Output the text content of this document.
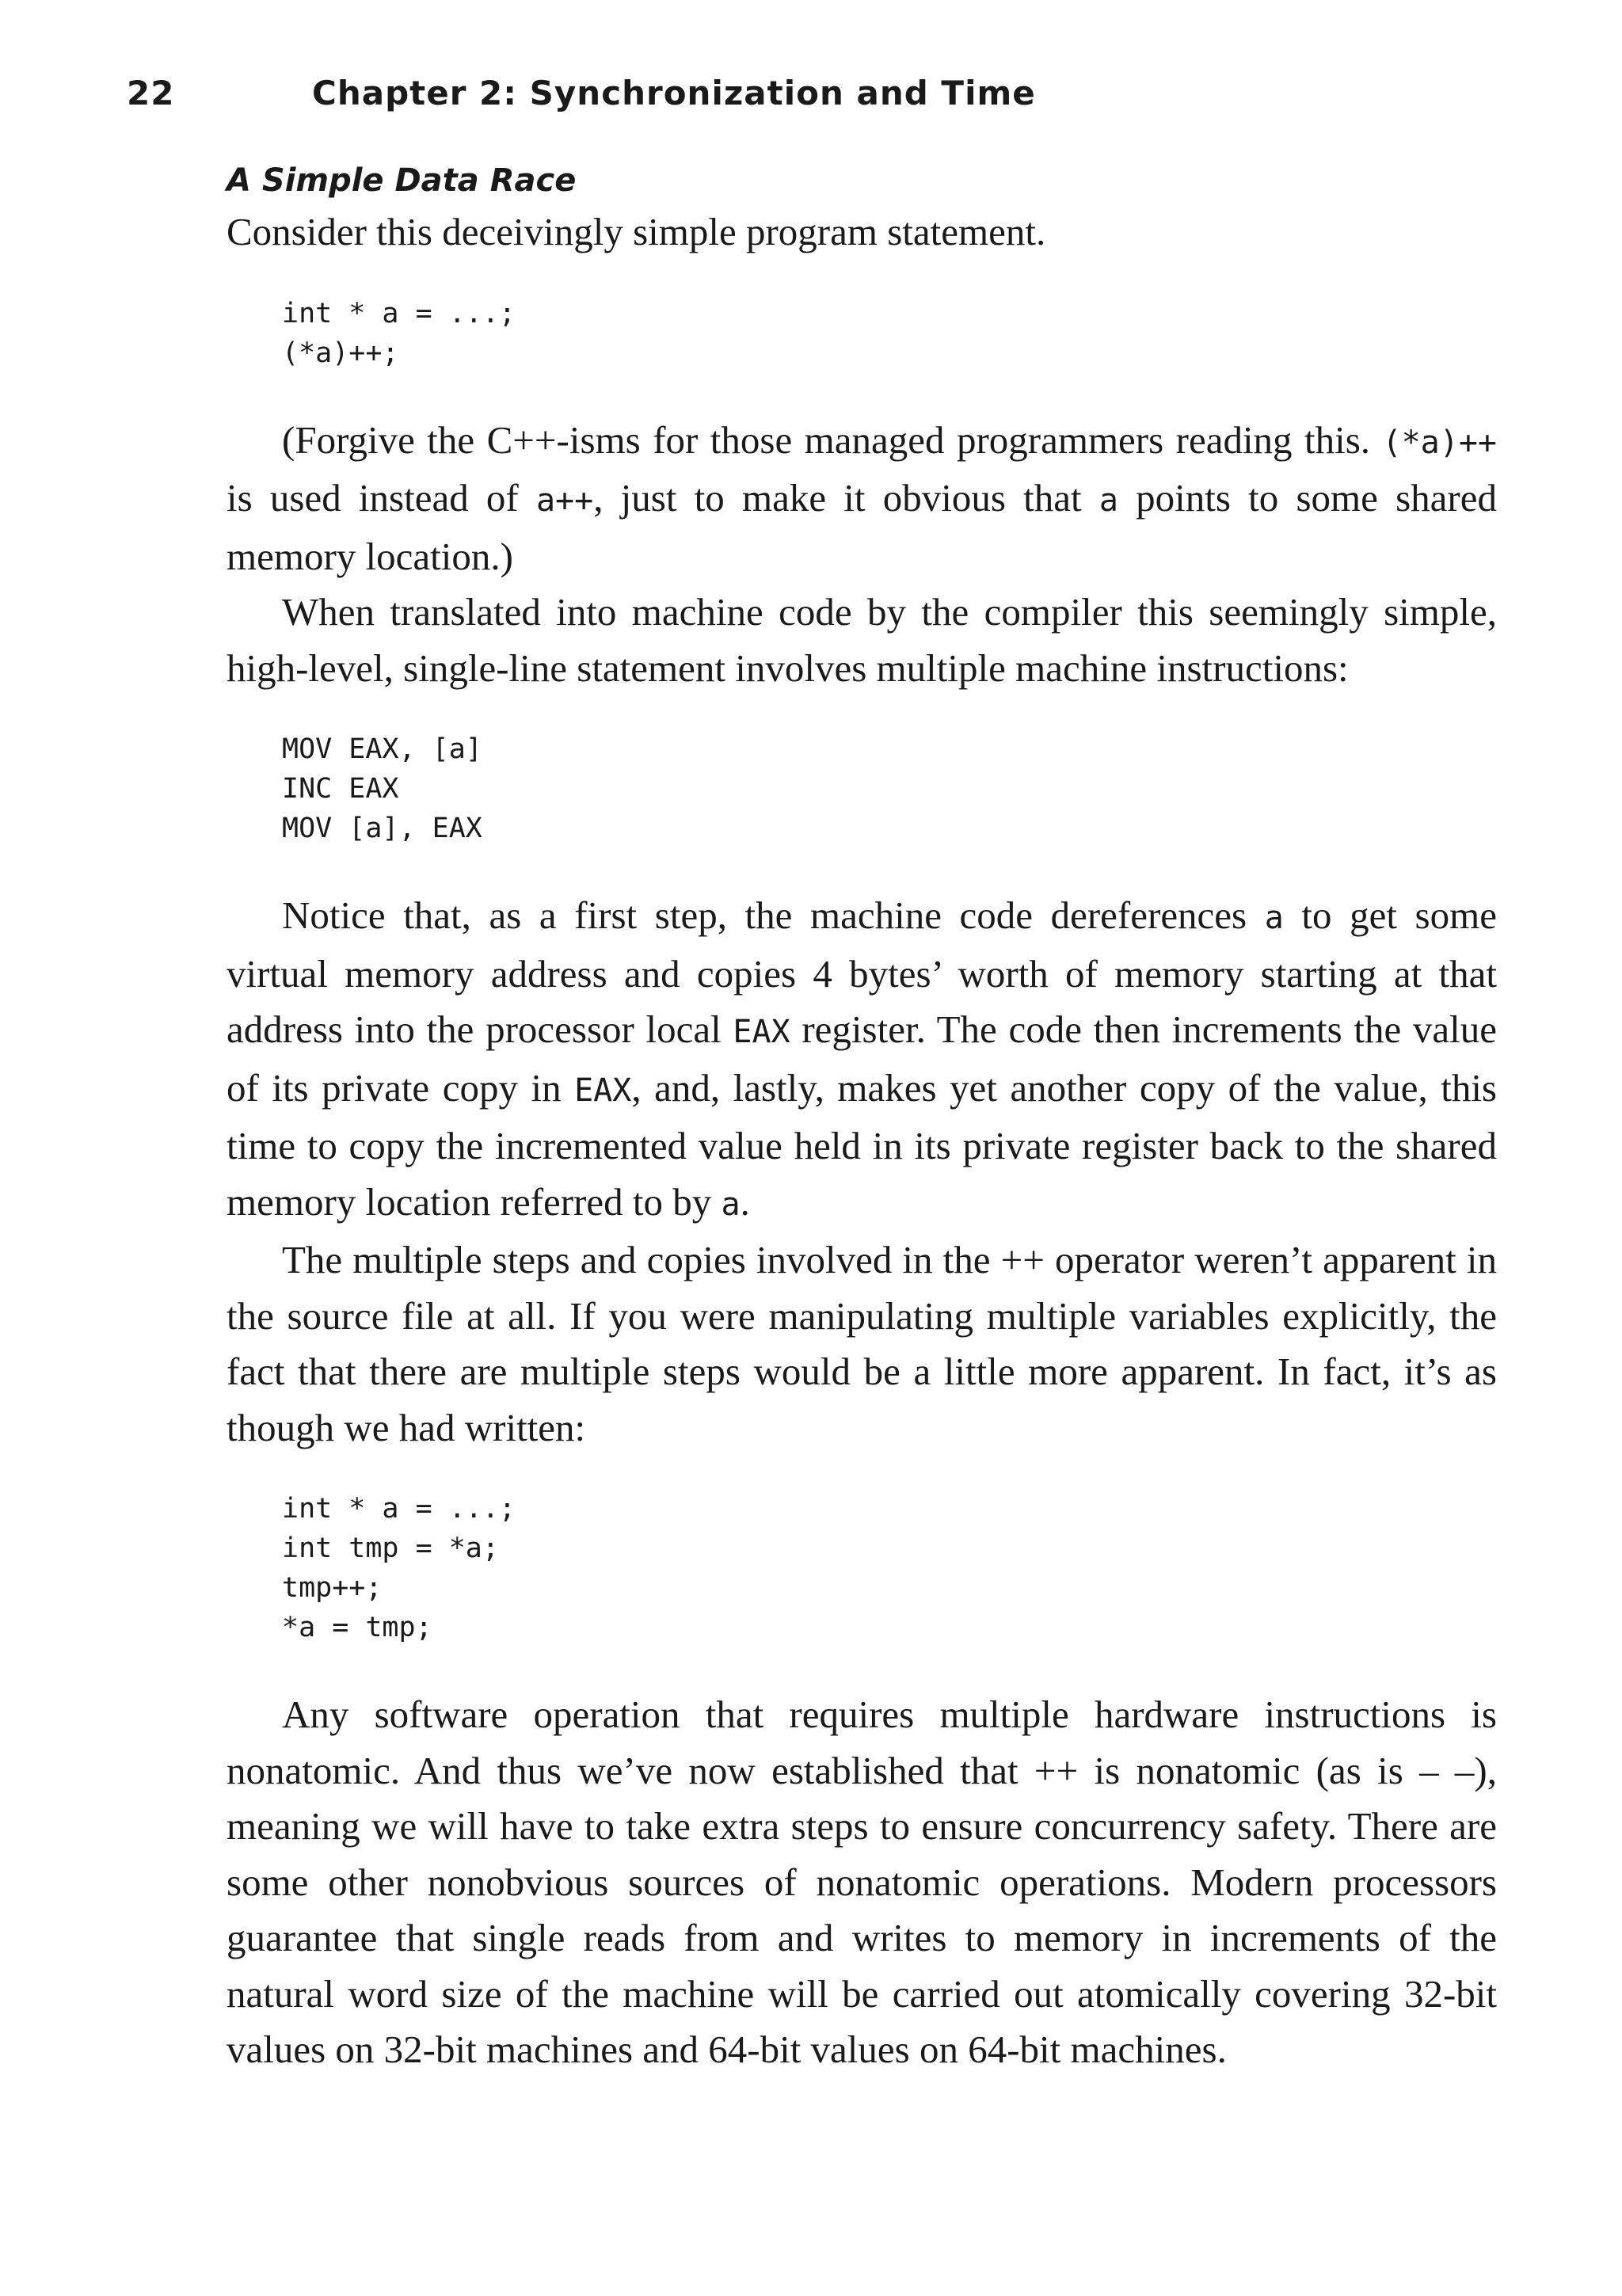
22	Chapter 2: Synchronization and Time
A Simple Data Race

Consider this deceivingly simple program statement.

int * a = ...;
(*a)++;

(Forgive the C++-isms for those managed programmers reading this. (*a)++ is used instead of a++, just to make it obvious that a points to some shared memory location.)

When translated into machine code by the compiler this seemingly simple, high-level, single-line statement involves multiple machine instructions:

MOV EAX, [a]
INC EAX
MOV [a], EAX

Notice that, as a first step, the machine code dereferences a to get some virtual memory address and copies 4 bytes’ worth of memory starting at that address into the processor local EAX register. The code then increments the value of its private copy in EAX, and, lastly, makes yet another copy of the value, this time to copy the incremented value held in its private register back to the shared memory location referred to by a.

The multiple steps and copies involved in the ++ operator weren’t apparent in the source file at all. If you were manipulating multiple variables explicitly, the fact that there are multiple steps would be a little more apparent. In fact, it’s as though we had written:

int * a = ...;
int tmp = *a;
tmp++;
*a = tmp;

Any software operation that requires multiple hardware instructions is nonatomic. And thus we’ve now established that ++ is nonatomic (as is – –), meaning we will have to take extra steps to ensure concurrency safety. There are some other nonobvious sources of nonatomic operations. Modern processors guarantee that single reads from and writes to memory in increments of the natural word size of the machine will be carried out atomically covering 32-bit values on 32-bit machines and 64-bit values on 64-bit machines.
